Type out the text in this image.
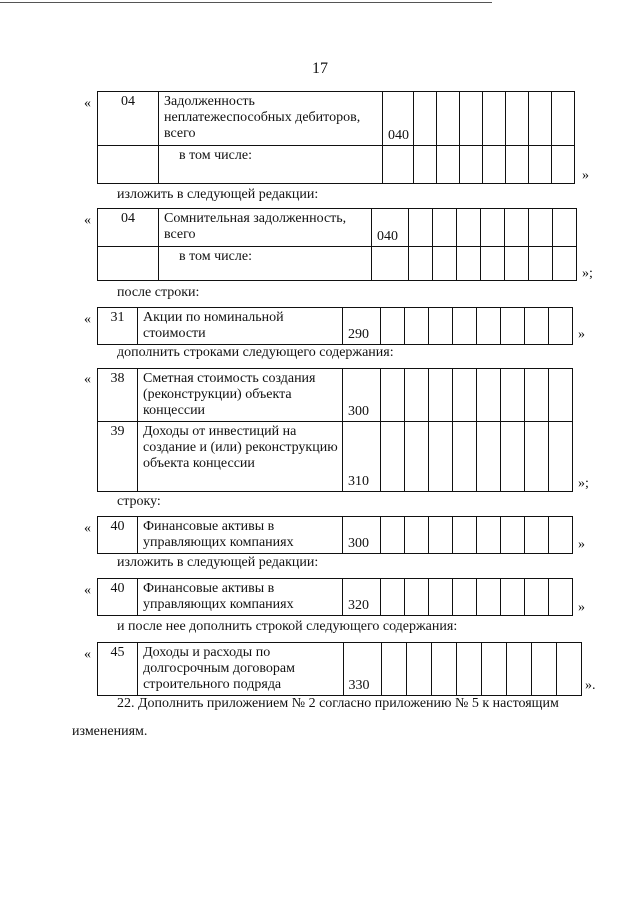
17
« 04	Задолженность неплатежеспособных дебиторов, всего	040							
	в том числе:								
»
изложить в следующей редакции:
« 04	Сомнительная задолженность, всего	040							
	в том числе:								
»;
после строки:
« 31	Акции по номинальной стоимости	290									»
дополнить строками следующего содержания:
« 38	Сметная стоимость создания (реконструкции) объекта концессии	300								
39	Доходы от инвестиций на создание и (или) реконструкцию объекта концессии	310									»;
строку:
« 40	Финансовые активы в управляющих компаниях	300									»
изложить в следующей редакции:
« 40	Финансовые активы в управляющих компаниях	320									»
и после нее дополнить строкой следующего содержания:
« 45	Доходы и расходы по долгосрочным договорам строительного подряда	330									».
22. Дополнить приложением № 2 согласно приложению № 5 к настоящим
изменениям.
